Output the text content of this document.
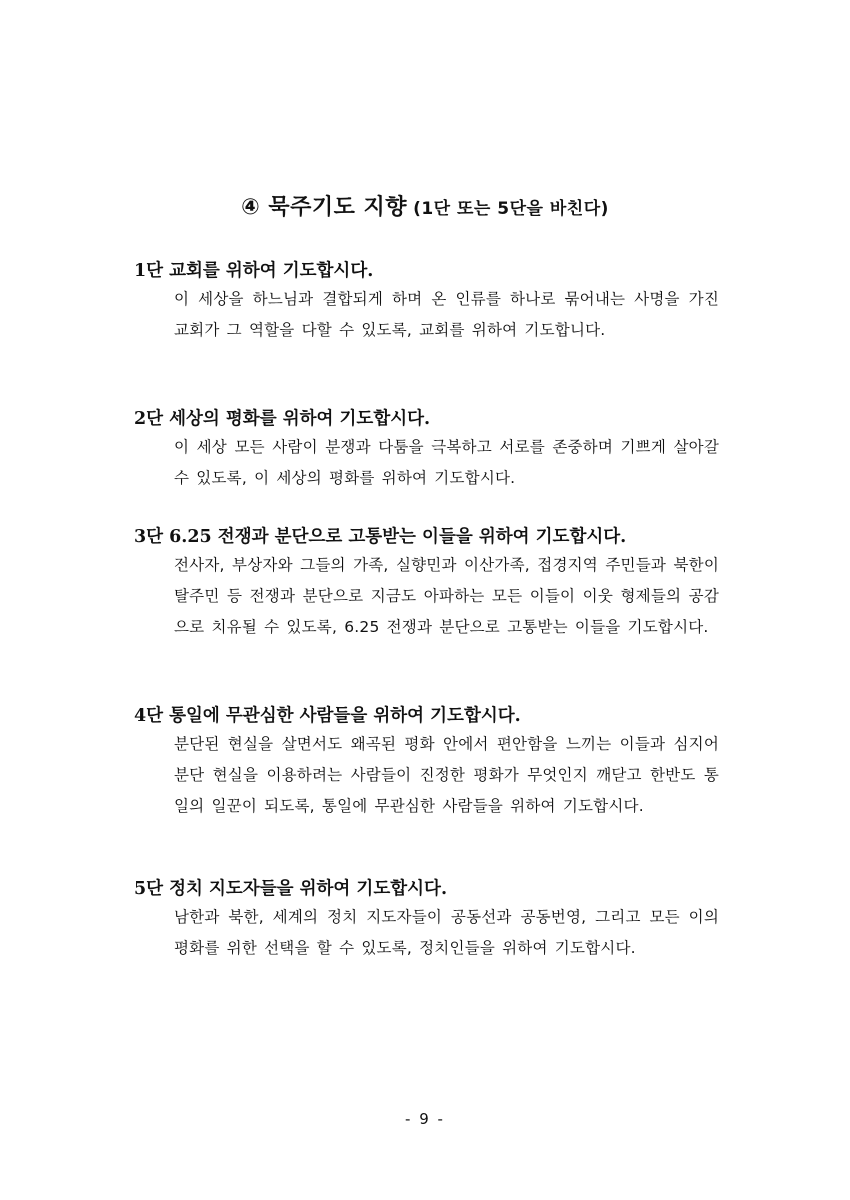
④ 묵주기도 지향 (1단 또는 5단을 바친다)
1단 교회를 위하여 기도합시다.
이 세상을 하느님과 결합되게 하며 온 인류를 하나로 묶어내는 사명을 가진 교회가 그 역할을 다할 수 있도록, 교회를 위하여 기도합니다.
2단 세상의 평화를 위하여 기도합시다.
이 세상 모든 사람이 분쟁과 다툼을 극복하고 서로를 존중하며 기쁘게 살아갈 수 있도록, 이 세상의 평화를 위하여 기도합시다.
3단 6.25 전쟁과 분단으로 고통받는 이들을 위하여 기도합시다.
전사자, 부상자와 그들의 가족, 실향민과 이산가족, 접경지역 주민들과 북한이탈주민 등 전쟁과 분단으로 지금도 아파하는 모든 이들이 이웃 형제들의 공감으로 치유될 수 있도록, 6.25 전쟁과 분단으로 고통받는 이들을 기도합시다.
4단 통일에 무관심한 사람들을 위하여 기도합시다.
분단된 현실을 살면서도 왜곡된 평화 안에서 편안함을 느끼는 이들과 심지어 분단 현실을 이용하려는 사람들이 진정한 평화가 무엇인지 깨닫고 한반도 통일의 일꾼이 되도록, 통일에 무관심한 사람들을 위하여 기도합시다.
5단 정치 지도자들을 위하여 기도합시다.
남한과 북한, 세계의 정치 지도자들이 공동선과 공동번영, 그리고 모든 이의 평화를 위한 선택을 할 수 있도록, 정치인들을 위하여 기도합시다.
- 9 -
